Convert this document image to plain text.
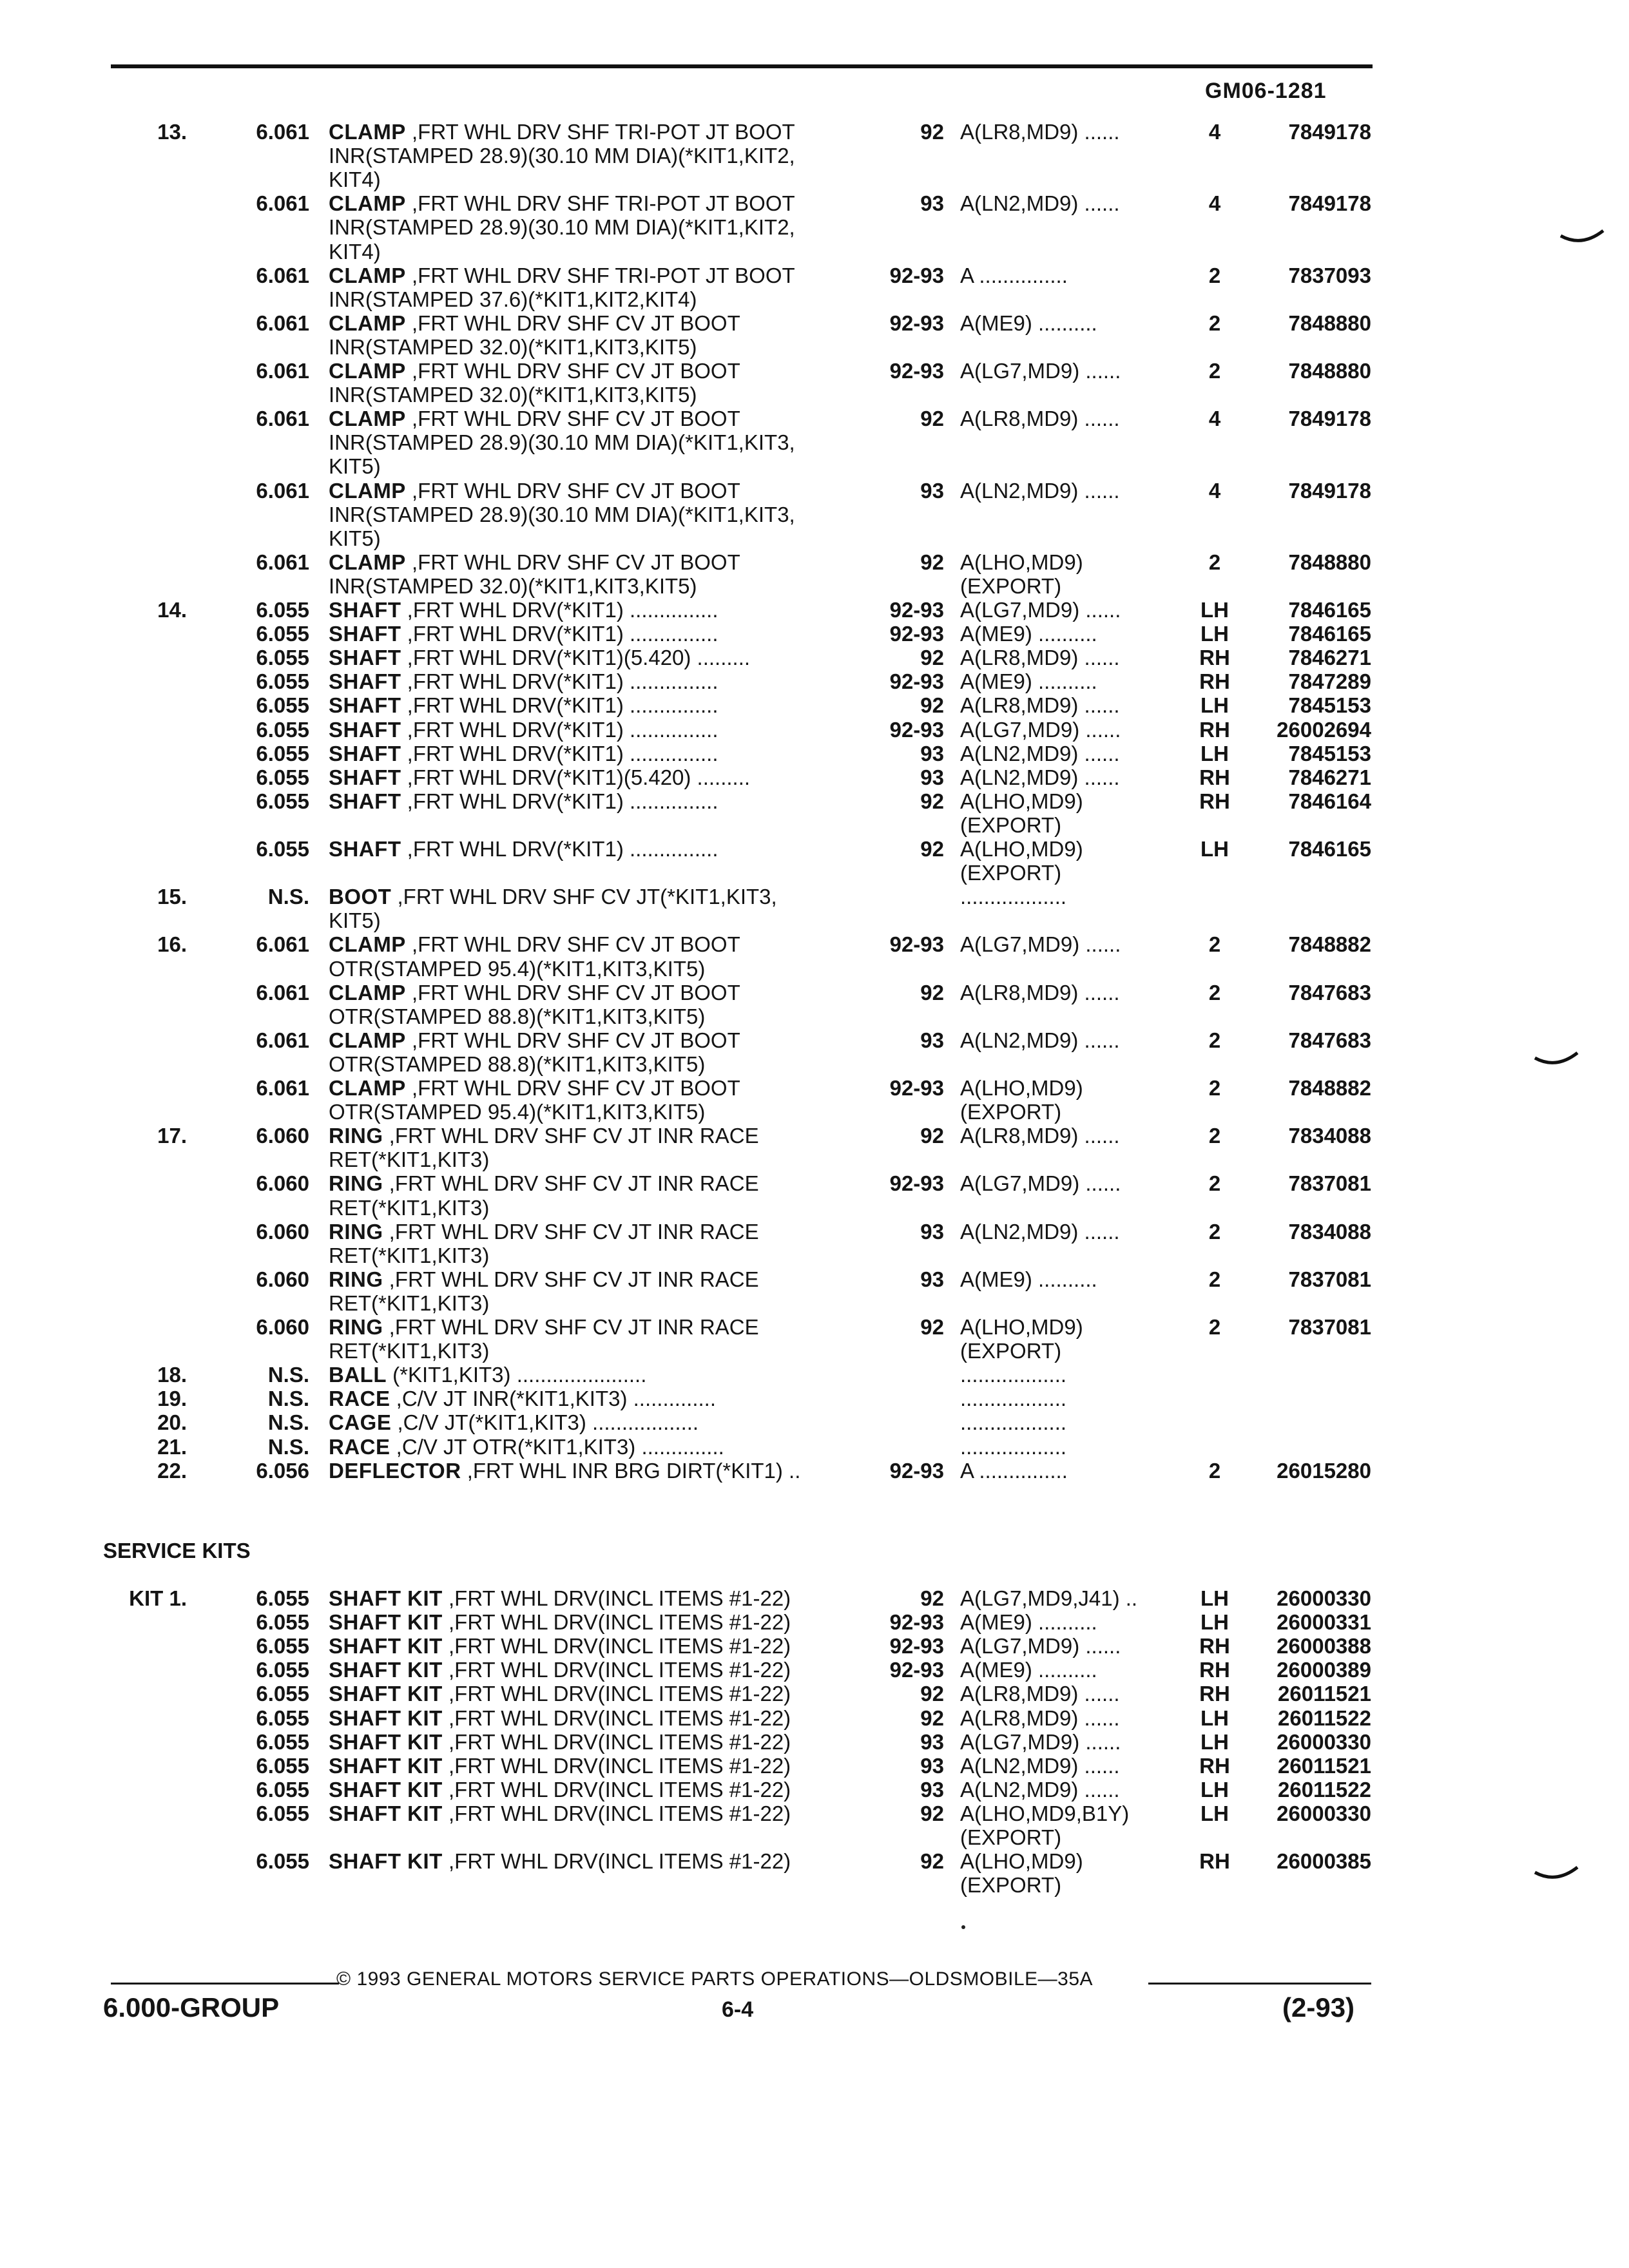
GM06-1281
13.	6.061 CLAMP ,FRT WHL DRV SHF TRI-POT JT BOOT	92 A(LR8,MD9) ......	4	7849178
INR(STAMPED 28.9)(30.10 MM DIA)(*KIT1,KIT2,
KIT4)
6.061 CLAMP ,FRT WHL DRV SHF TRI-POT JT BOOT	93 A(LN2,MD9) ......	4	7849178
INR(STAMPED 28.9)(30.10 MM DIA)(*KIT1,KIT2,
KIT4)
6.061 CLAMP ,FRT WHL DRV SHF TRI-POT JT BOOT	92-93 A ...............	2	7837093
INR(STAMPED 37.6)(*KIT1,KIT2,KIT4)
6.061 CLAMP ,FRT WHL DRV SHF CV JT BOOT	92-93 A(ME9) ..........	2	7848880
INR(STAMPED 32.0)(*KIT1,KIT3,KIT5)
6.061 CLAMP ,FRT WHL DRV SHF CV JT BOOT	92-93 A(LG7,MD9) ......	2	7848880
INR(STAMPED 32.0)(*KIT1,KIT3,KIT5)
6.061 CLAMP ,FRT WHL DRV SHF CV JT BOOT	92 A(LR8,MD9) ......	4	7849178
INR(STAMPED 28.9)(30.10 MM DIA)(*KIT1,KIT3,
KIT5)
6.061 CLAMP ,FRT WHL DRV SHF CV JT BOOT	93 A(LN2,MD9) ......	4	7849178
INR(STAMPED 28.9)(30.10 MM DIA)(*KIT1,KIT3,
KIT5)
6.061 CLAMP ,FRT WHL DRV SHF CV JT BOOT	92 A(LHO,MD9)	2	7848880
INR(STAMPED 32.0)(*KIT1,KIT3,KIT5)	(EXPORT)
14.	6.055 SHAFT ,FRT WHL DRV(*KIT1) ...............	92-93 A(LG7,MD9) ......	LH	7846165
6.055 SHAFT ,FRT WHL DRV(*KIT1) ...............	92-93 A(ME9) ..........	LH	7846165
6.055 SHAFT ,FRT WHL DRV(*KIT1)(5.420) .........	92 A(LR8,MD9) ......	RH	7846271
6.055 SHAFT ,FRT WHL DRV(*KIT1) ...............	92-93 A(ME9) ..........	RH	7847289
6.055 SHAFT ,FRT WHL DRV(*KIT1) ...............	92 A(LR8,MD9) ......	LH	7845153
6.055 SHAFT ,FRT WHL DRV(*KIT1) ...............	92-93 A(LG7,MD9) ......	RH	26002694
6.055 SHAFT ,FRT WHL DRV(*KIT1) ...............	93 A(LN2,MD9) ......	LH	7845153
6.055 SHAFT ,FRT WHL DRV(*KIT1)(5.420) .........	93 A(LN2,MD9) ......	RH	7846271
6.055 SHAFT ,FRT WHL DRV(*KIT1) ...............	92 A(LHO,MD9)	RH	7846164
(EXPORT)
6.055 SHAFT ,FRT WHL DRV(*KIT1) ...............	92 A(LHO,MD9)	LH	7846165
(EXPORT)
15.	N.S. BOOT ,FRT WHL DRV SHF CV JT(*KIT1,KIT3,	..................
KIT5)
16.	6.061 CLAMP ,FRT WHL DRV SHF CV JT BOOT	92-93 A(LG7,MD9) ......	2	7848882
OTR(STAMPED 95.4)(*KIT1,KIT3,KIT5)
6.061 CLAMP ,FRT WHL DRV SHF CV JT BOOT	92 A(LR8,MD9) ......	2	7847683
OTR(STAMPED 88.8)(*KIT1,KIT3,KIT5)
6.061 CLAMP ,FRT WHL DRV SHF CV JT BOOT	93 A(LN2,MD9) ......	2	7847683
OTR(STAMPED 88.8)(*KIT1,KIT3,KIT5)
6.061 CLAMP ,FRT WHL DRV SHF CV JT BOOT	92-93 A(LHO,MD9)	2	7848882
OTR(STAMPED 95.4)(*KIT1,KIT3,KIT5)	(EXPORT)
17.	6.060 RING ,FRT WHL DRV SHF CV JT INR RACE	92 A(LR8,MD9) ......	2	7834088
RET(*KIT1,KIT3)
6.060 RING ,FRT WHL DRV SHF CV JT INR RACE	92-93 A(LG7,MD9) ......	2	7837081
RET(*KIT1,KIT3)
6.060 RING ,FRT WHL DRV SHF CV JT INR RACE	93 A(LN2,MD9) ......	2	7834088
RET(*KIT1,KIT3)
6.060 RING ,FRT WHL DRV SHF CV JT INR RACE	93 A(ME9) ..........	2	7837081
RET(*KIT1,KIT3)
6.060 RING ,FRT WHL DRV SHF CV JT INR RACE	92 A(LHO,MD9)	2	7837081
RET(*KIT1,KIT3)	(EXPORT)
18.	N.S. BALL (*KIT1,KIT3) ......................	..................
19.	N.S. RACE ,C/V JT INR(*KIT1,KIT3) ..............	..................
20.	N.S. CAGE ,C/V JT(*KIT1,KIT3) ..................	..................
21.	N.S. RACE ,C/V JT OTR(*KIT1,KIT3) ..............	..................
22.	6.056 DEFLECTOR ,FRT WHL INR BRG DIRT(*KIT1) ..	92-93 A ...............	2	26015280
SERVICE KITS
KIT 1.	6.055 SHAFT KIT ,FRT WHL DRV(INCL ITEMS #1-22)	92 A(LG7,MD9,J41) ..	LH	26000330
6.055 SHAFT KIT ,FRT WHL DRV(INCL ITEMS #1-22)	92-93 A(ME9) ..........	LH	26000331
6.055 SHAFT KIT ,FRT WHL DRV(INCL ITEMS #1-22)	92-93 A(LG7,MD9) ......	RH	26000388
6.055 SHAFT KIT ,FRT WHL DRV(INCL ITEMS #1-22)	92-93 A(ME9) ..........	RH	26000389
6.055 SHAFT KIT ,FRT WHL DRV(INCL ITEMS #1-22)	92 A(LR8,MD9) ......	RH	26011521
6.055 SHAFT KIT ,FRT WHL DRV(INCL ITEMS #1-22)	92 A(LR8,MD9) ......	LH	26011522
6.055 SHAFT KIT ,FRT WHL DRV(INCL ITEMS #1-22)	93 A(LG7,MD9) ......	LH	26000330
6.055 SHAFT KIT ,FRT WHL DRV(INCL ITEMS #1-22)	93 A(LN2,MD9) ......	RH	26011521
6.055 SHAFT KIT ,FRT WHL DRV(INCL ITEMS #1-22)	93 A(LN2,MD9) ......	LH	26011522
6.055 SHAFT KIT ,FRT WHL DRV(INCL ITEMS #1-22)	92 A(LHO,MD9,B1Y)	LH	26000330
(EXPORT)
6.055 SHAFT KIT ,FRT WHL DRV(INCL ITEMS #1-22)	92 A(LHO,MD9)	RH	26000385
(EXPORT)
© 1993 GENERAL MOTORS SERVICE PARTS OPERATIONS—OLDSMOBILE—35A
6.000-GROUP	6-4	(2-93)
